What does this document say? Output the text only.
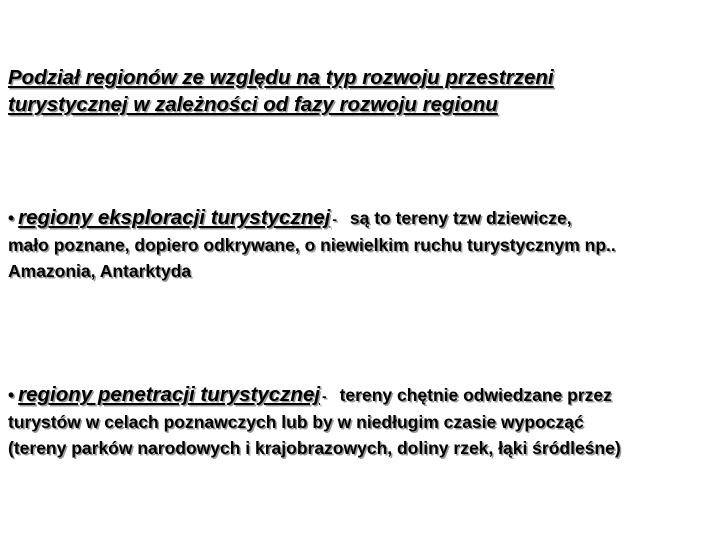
Podział regionów ze względu na typ rozwoju przestrzeni
turystycznej w zależności od fazy rozwoju regionu

• regiony eksploracji turystycznej - są to tereny tzw dziewicze,
mało poznane, dopiero odkrywane, o niewielkim ruchu turystycznym np..
Amazonia, Antarktyda

• regiony penetracji turystycznej - tereny chętnie odwiedzane przez
turystów w celach poznawczych lub by w niedługim czasie wypocząć
(tereny parków narodowych i krajobrazowych, doliny rzek, łąki śródleśne)
